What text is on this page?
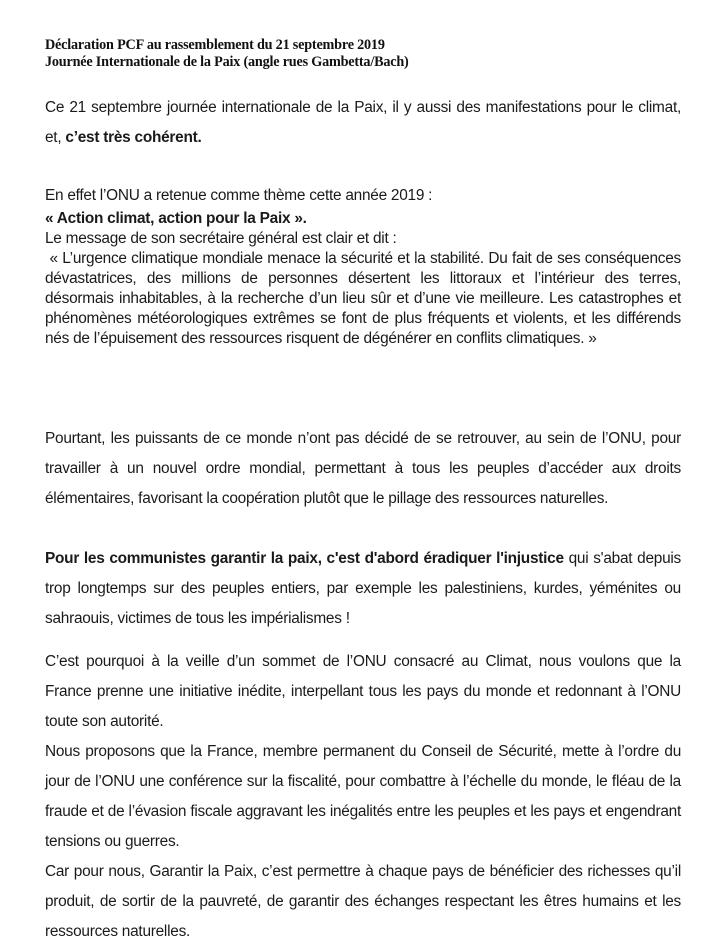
Déclaration PCF au rassemblement du 21 septembre 2019
Journée Internationale de la Paix (angle rues Gambetta/Bach)

Ce 21 septembre journée internationale de la Paix, il y aussi des manifestations pour le climat, et, c’est très cohérent.

En effet l’ONU a retenue comme thème cette année 2019 :
« Action climat, action pour la Paix ».
Le message de son secrétaire général est clair et dit :
« L’urgence climatique mondiale menace la sécurité et la stabilité. Du fait de ses conséquences dévastatrices, des millions de personnes désertent les littoraux et l’intérieur des terres, désormais inhabitables, à la recherche d’un lieu sûr et d’une vie meilleure. Les catastrophes et phénomènes météorologiques extrêmes se font de plus fréquents et violents, et les différends nés de l’épuisement des ressources risquent de dégénérer en conflits climatiques. »

Pourtant, les puissants de ce monde n’ont pas décidé de se retrouver, au sein de l’ONU, pour travailler à un nouvel ordre mondial, permettant à tous les peuples d’accéder aux droits élémentaires, favorisant la coopération plutôt que le pillage des ressources naturelles.

Pour les communistes garantir la paix, c'est d'abord éradiquer l'injustice qui s'abat depuis trop longtemps sur des peuples entiers, par exemple les palestiniens, kurdes, yéménites ou sahraouis, victimes de tous les impérialismes !

C’est pourquoi à la veille d’un sommet de l’ONU consacré au Climat, nous voulons que la France prenne une initiative inédite, interpellant tous les pays du monde et redonnant à l’ONU toute son autorité.

Nous proposons que la France, membre permanent du Conseil de Sécurité, mette à l’ordre du jour de l’ONU une conférence sur la fiscalité, pour combattre à l’échelle du monde, le fléau de la fraude et de l’évasion fiscale aggravant les inégalités entre les peuples et les pays et engendrant tensions ou guerres.

Car pour nous, Garantir la Paix, c’est permettre à chaque pays de bénéficier des richesses qu’il produit, de sortir de la pauvreté, de garantir des échanges respectant les êtres humains et les ressources naturelles.
